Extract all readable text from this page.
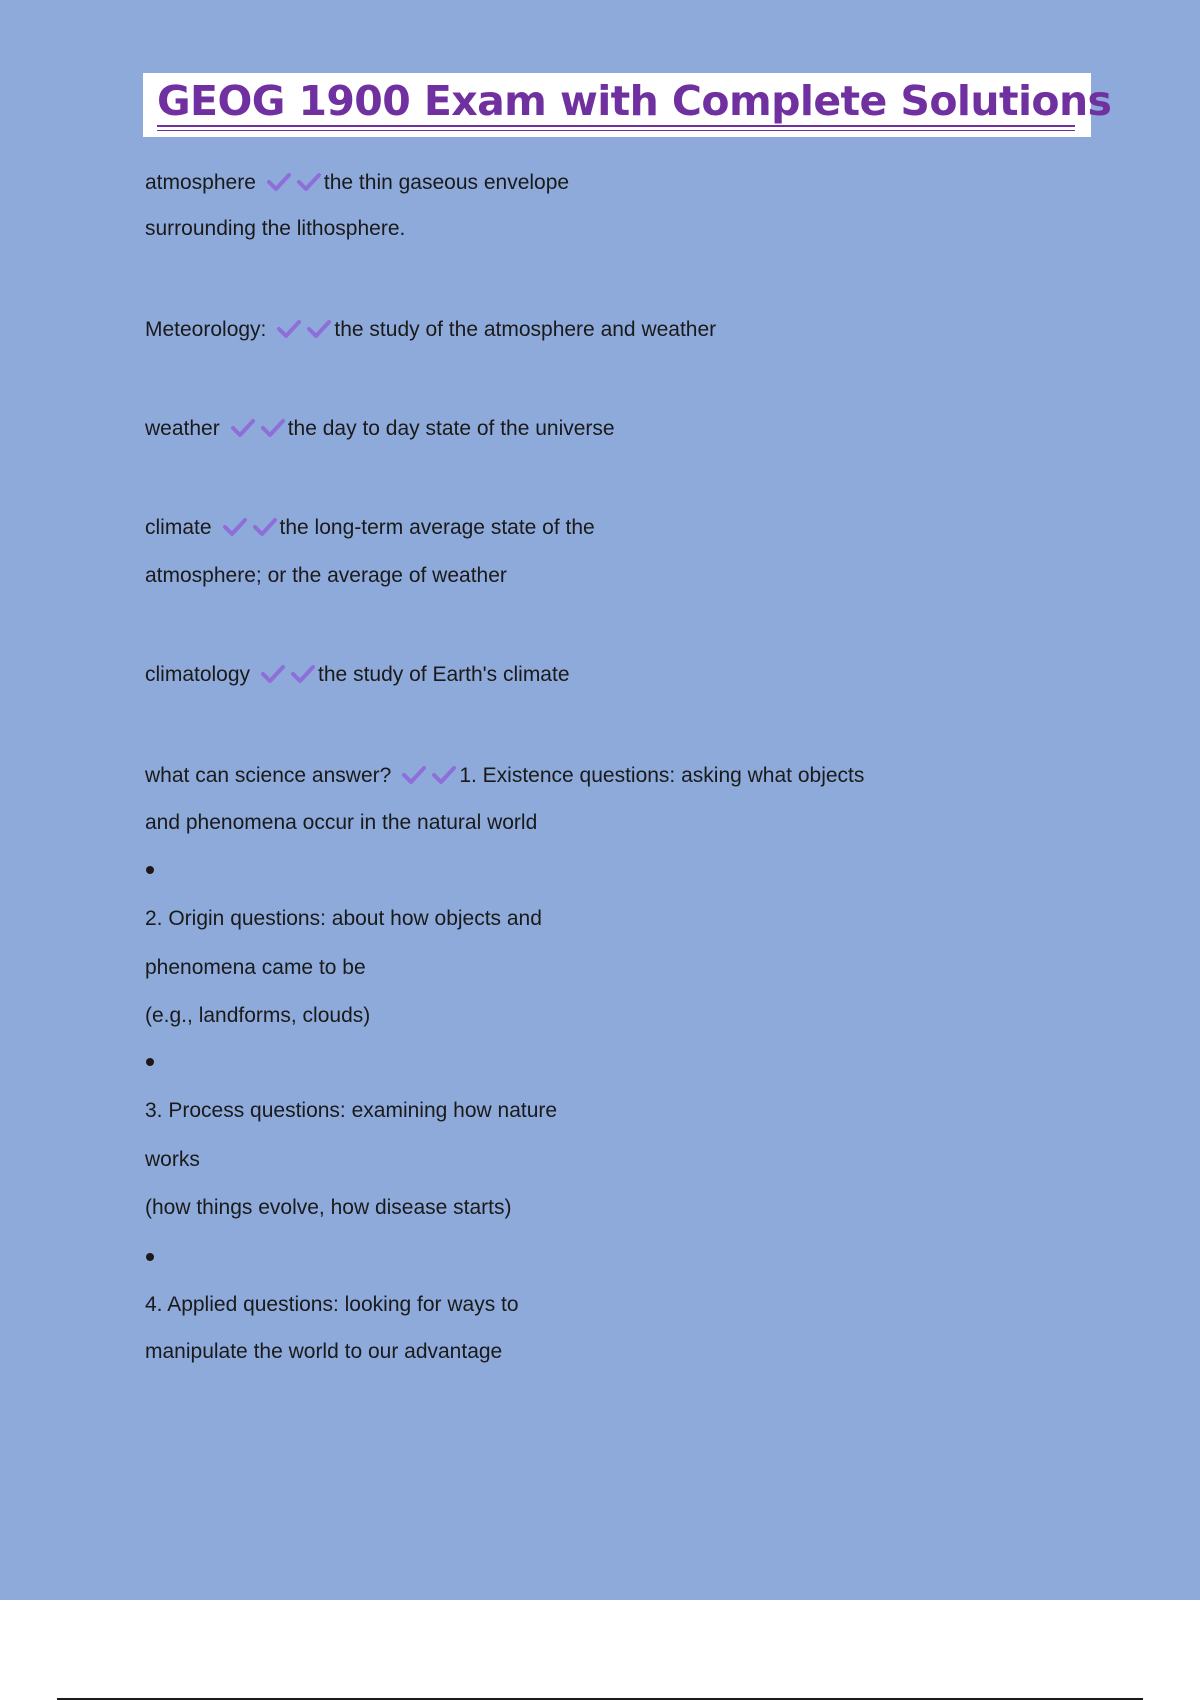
GEOG 1900 Exam with Complete Solutions
atmosphere	the thin gaseous envelope
surrounding the lithosphere.
Meteorology:	the study of the atmosphere and weather
weather	the day to day state of the universe
climate	the long-term average state of the
atmosphere; or the average of weather
climatology	the study of Earth's climate
what can science answer?	1. Existence questions: asking what objects
and phenomena occur in the natural world
2. Origin questions: about how objects and
phenomena came to be
(e.g., landforms, clouds)
3. Process questions: examining how nature
works
(how things evolve, how disease starts)
4. Applied questions: looking for ways to
manipulate the world to our advantage
